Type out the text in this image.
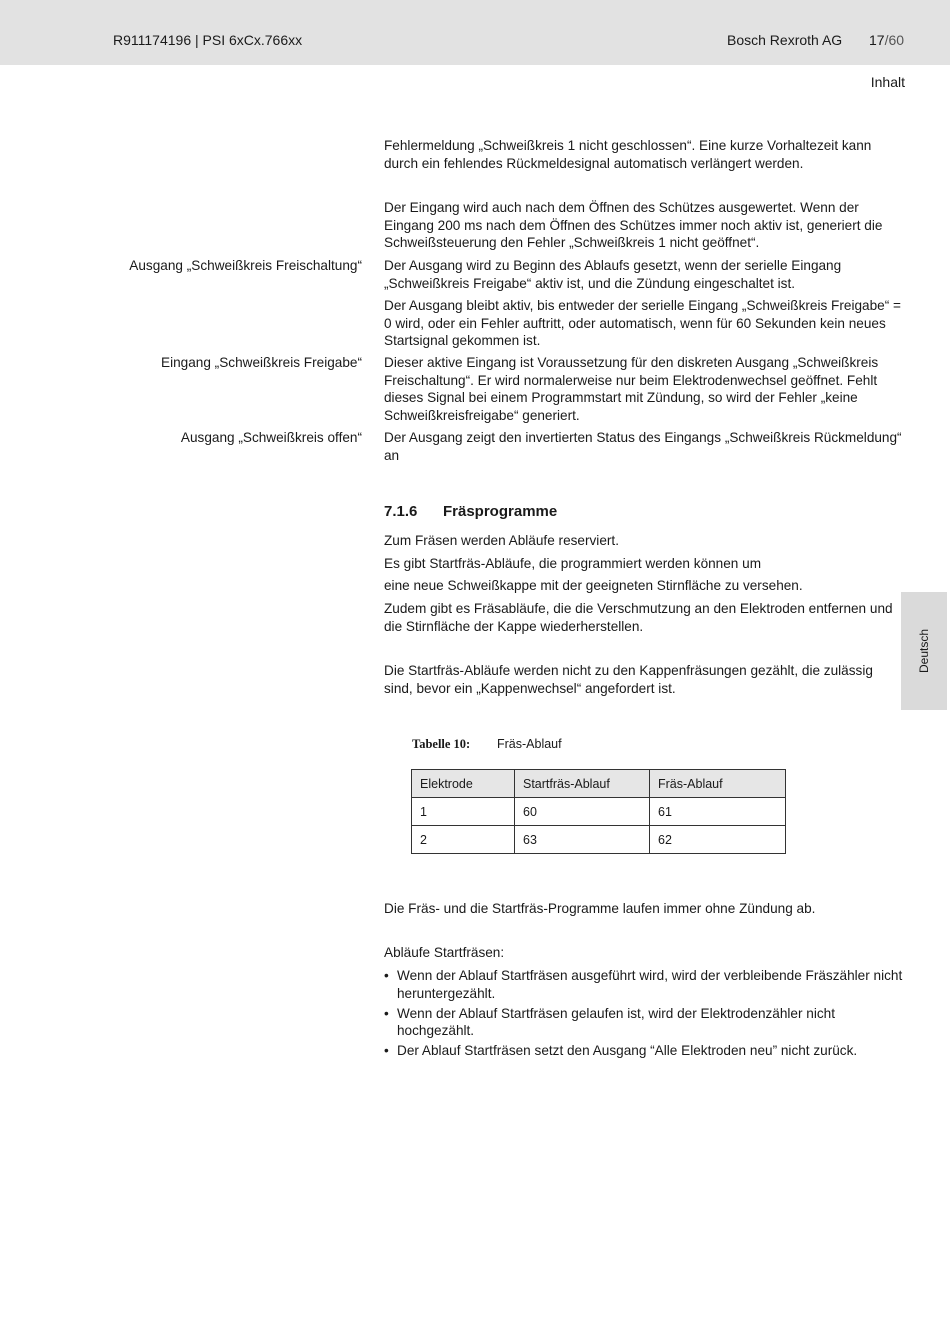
R911174196 | PSI 6xCx.766xx	Bosch Rexroth AG 17/60
Inhalt

Fehlermeldung „Schweißkreis 1 nicht geschlossen“. Eine kurze Vorhaltezeit kann durch ein fehlendes Rückmeldesignal automatisch verlängert werden.

Der Eingang wird auch nach dem Öffnen des Schützes ausgewertet. Wenn der Eingang 200 ms nach dem Öffnen des Schützes immer noch aktiv ist, generiert die Schweißsteuerung den Fehler „Schweißkreis 1 nicht geöffnet“.

Ausgang „Schweißkreis Freischaltung“ Der Ausgang wird zu Beginn des Ablaufs gesetzt, wenn der serielle Eingang „Schweißkreis Freigabe“ aktiv ist, und die Zündung eingeschaltet ist.

Der Ausgang bleibt aktiv, bis entweder der serielle Eingang „Schweißkreis Freigabe“ = 0 wird, oder ein Fehler auftritt, oder automatisch, wenn für 60 Sekunden kein neues Startsignal gekommen ist.

Eingang „Schweißkreis Freigabe“ Dieser aktive Eingang ist Voraussetzung für den diskreten Ausgang „Schweißkreis Freischaltung“. Er wird normalerweise nur beim Elektrodenwechsel geöffnet. Fehlt dieses Signal bei einem Programmstart mit Zündung, so wird der Fehler „keine Schweißkreisfreigabe“ generiert.

Ausgang „Schweißkreis offen“ Der Ausgang zeigt den invertierten Status des Eingangs „Schweißkreis Rückmeldung“ an

7.1.6 Fräsprogramme

Zum Fräsen werden Abläufe reserviert.

Es gibt Startfräs-Abläufe, die programmiert werden können um

eine neue Schweißkappe mit der geeigneten Stirnfläche zu versehen.

Zudem gibt es Fräsabläufe, die die Verschmutzung an den Elektroden entfernen und die Stirnfläche der Kappe wiederherstellen.

Die Startfräs-Abläufe werden nicht zu den Kappenfräsungen gezählt, die zulässig sind, bevor ein „Kappenwechsel“ angefordert ist.

Deutsch
Tabelle 10: Fräs-Ablauf
Elektrode	Startfräs-Ablauf	Fräs-Ablauf
1	60	61
2	63	62

Die Fräs- und die Startfräs-Programme laufen immer ohne Zündung ab.

Abläufe Startfräsen:

• Wenn der Ablauf Startfräsen ausgeführt wird, wird der verbleibende Fräszähler nicht heruntergezählt.
• Wenn der Ablauf Startfräsen gelaufen ist, wird der Elektrodenzähler nicht hochgezählt.
• Der Ablauf Startfräsen setzt den Ausgang “Alle Elektroden neu” nicht zurück.
